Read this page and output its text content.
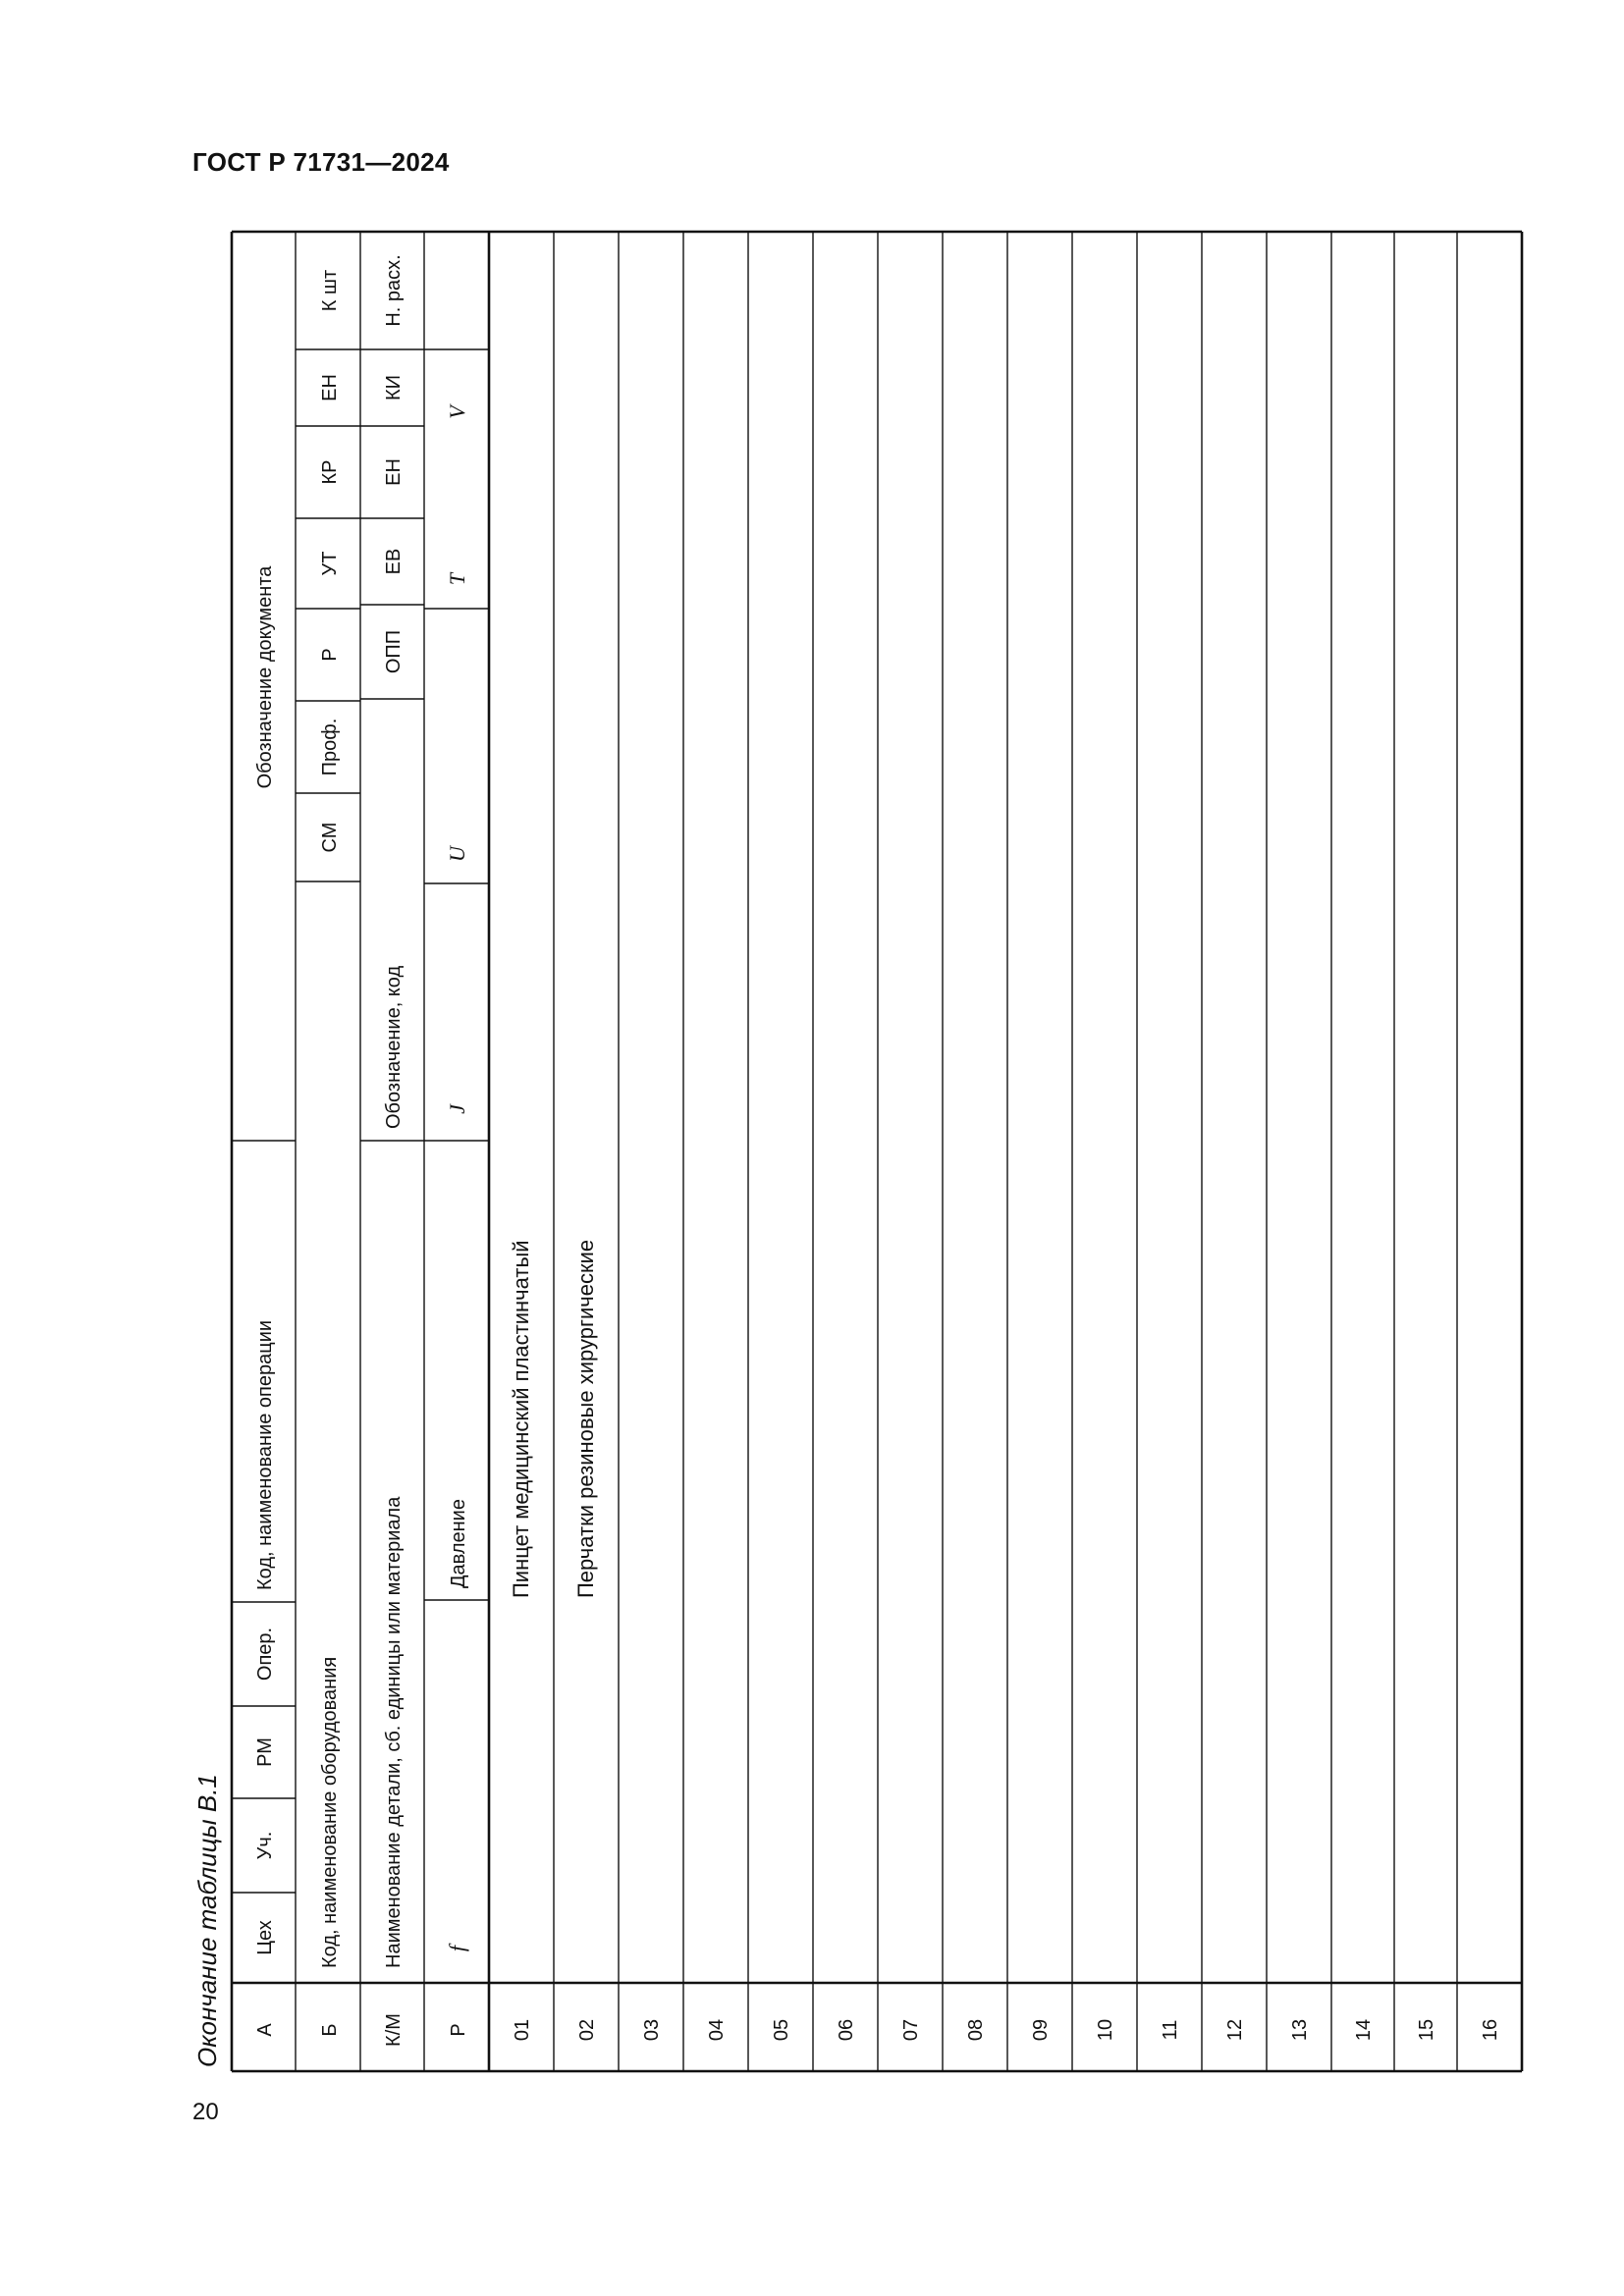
ГОСТ Р 71731—2024
Окончание таблицы В.1
20
А Б К/М Р
Цех
Уч.
РМ
Опер.
Код, наименование операции
Обозначение документа
Код, наименование оборудования
СМ
Проф.
Р
УТ
КР
ЕН
К шт
Наименование детали, сб. единицы или материала
Обозначение, код
ОПП
ЕВ
ЕН
КИ
Н. расх.
f
Давление
J
U
T
V
01
Пинцет медицинский пластинчатый
02
Перчатки резиновые хирургические
03 04 05 06 07 08 09 10 11 12 13 14 15 16
